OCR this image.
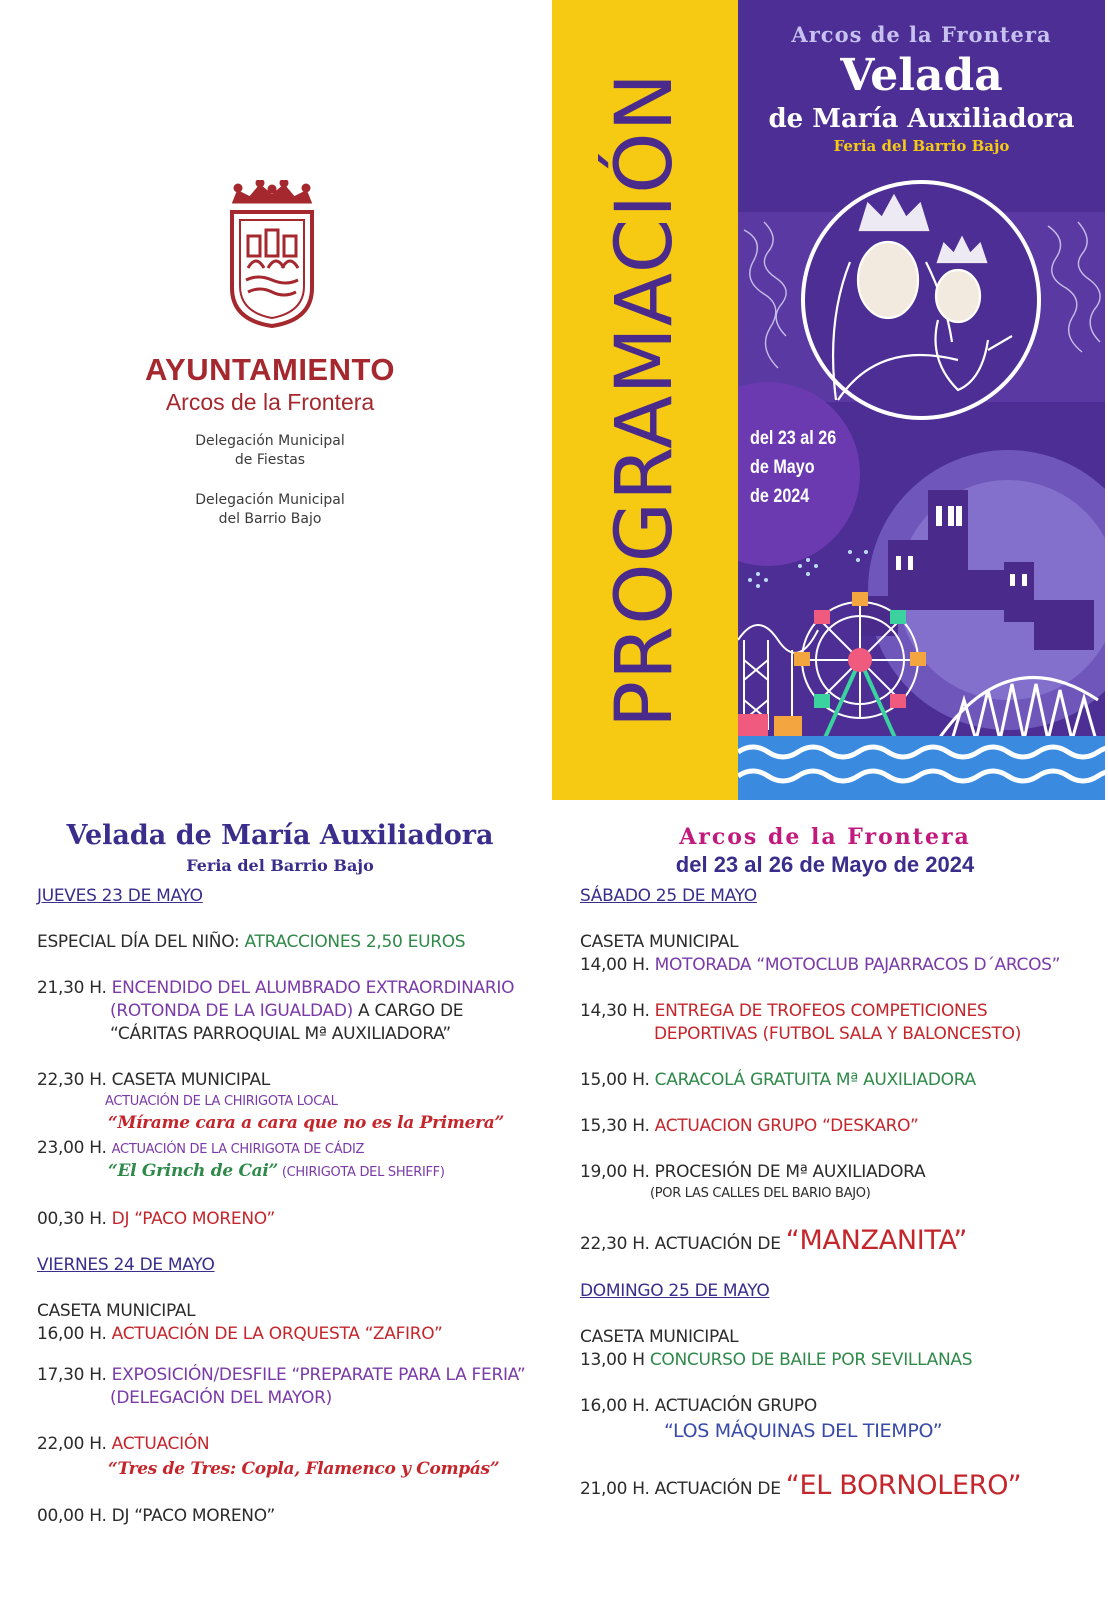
AYUNTAMIENTO
Arcos de la Frontera
Delegación Municipal
de Fiestas
Delegación Municipal
del Barrio Bajo	PROGRAMACIÓN
Arcos de la Frontera
Velada
de María Auxiliadora
Feria del Barrio Bajo
del 23 al 26
de Mayo
de 2024
Velada de María Auxiliadora
Feria del Barrio Bajo
Arcos de la Frontera
del 23 al 26 de Mayo de 2024
JUEVES 23 DE MAYO
ESPECIAL DÍA DEL NIÑO: ATRACCIONES 2,50 EUROS
21,30 H. ENCENDIDO DEL ALUMBRADO EXTRAORDINARIO
(ROTONDA DE LA IGUALDAD) A CARGO DE
“CÁRITAS PARROQUIAL Mª AUXILIADORA”
22,30 H. CASETA MUNICIPAL
ACTUACIÓN DE LA CHIRIGOTA LOCAL
“Mírame cara a cara que no es la Primera”
23,00 H. ACTUACIÓN DE LA CHIRIGOTA DE CÁDIZ
“El Grinch de Cai” (CHIRIGOTA DEL SHERIFF)
00,30 H. DJ “PACO MORENO”
VIERNES 24 DE MAYO
CASETA MUNICIPAL
16,00 H. ACTUACIÓN DE LA ORQUESTA “ZAFIRO”
17,30 H. EXPOSICIÓN/DESFILE “PREPARATE PARA LA FERIA”
(DELEGACIÓN DEL MAYOR)
22,00 H. ACTUACIÓN
“Tres de Tres: Copla, Flamenco y Compás”
00,00 H. DJ “PACO MORENO”
SÁBADO 25 DE MAYO
CASETA MUNICIPAL
14,00 H. MOTORADA “MOTOCLUB PAJARRACOS D´ARCOS”
14,30 H. ENTREGA DE TROFEOS COMPETICIONES
DEPORTIVAS (FUTBOL SALA Y BALONCESTO)
15,00 H. CARACOLÁ GRATUITA Mª AUXILIADORA
15,30 H. ACTUACION GRUPO “DESKARO”
19,00 H. PROCESIÓN DE Mª AUXILIADORA
(POR LAS CALLES DEL BARIO BAJO)
22,30 H. ACTUACIÓN DE “MANZANITA”
DOMINGO 25 DE MAYO
CASETA MUNICIPAL
13,00 H CONCURSO DE BAILE POR SEVILLANAS
16,00 H. ACTUACIÓN GRUPO
“LOS MÁQUINAS DEL TIEMPO”
21,00 H. ACTUACIÓN DE “EL BORNOLERO”
